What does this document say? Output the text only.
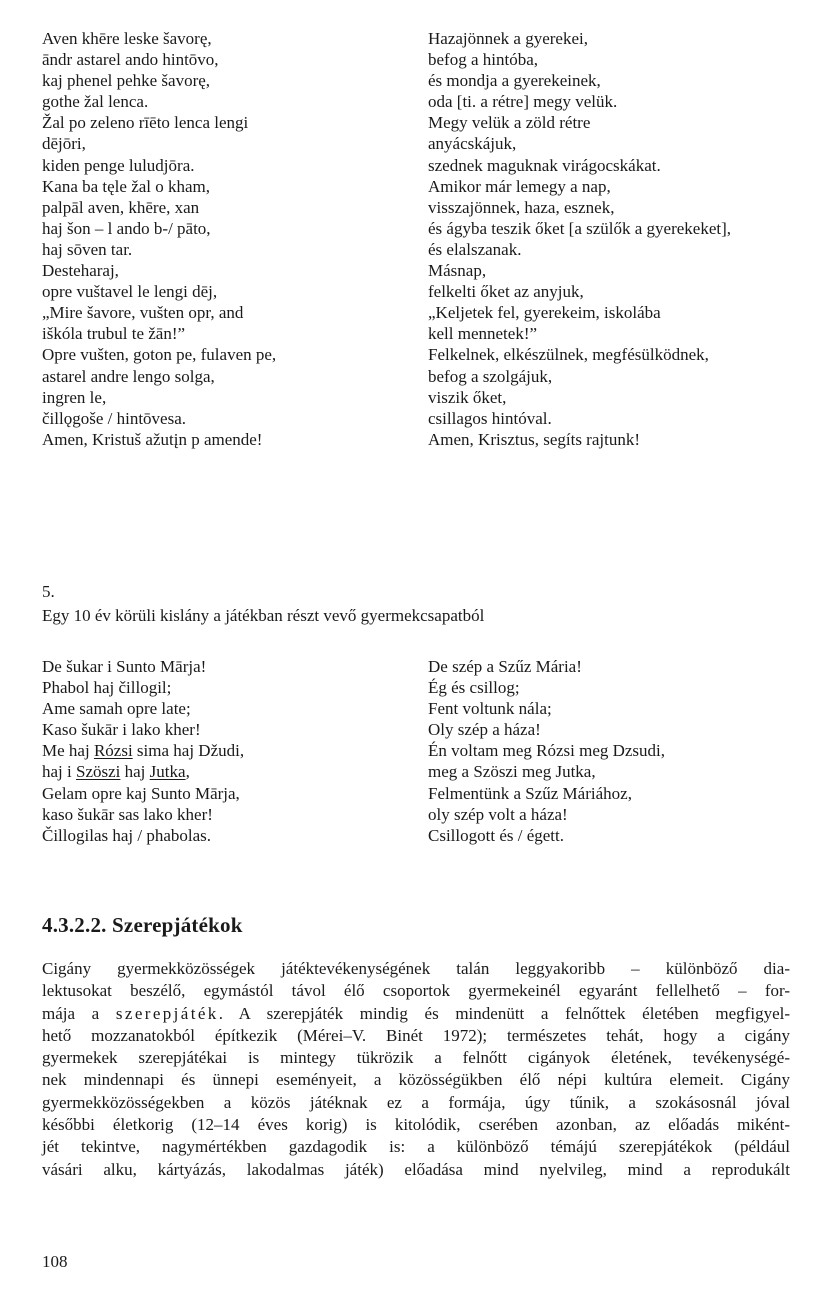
Aven khēre leske šavorę,
āndr astarel ando hintōvo,
kaj phenel pehke šavorę,
gothe žal lenca.
Žal po zeleno rīēto lenca lengi
dējōri,
kiden penge luludjōra.
Kana ba tęle žal o kham,
palpāl aven, khēre, xan
haj šon – l ando b-/ pāto,
haj sōven tar.
Desteharaj,
opre vuštavel le lengi dēj,
„Mire šavore, vušten opr, and
iškóla trubul te žān!”
Opre vušten, goton pe, fulaven pe,
astarel andre lengo solga,
ingren le,
čillǫgoše / hintōvesa.
Amen, Kristuš ažutįn p amende!
Hazajönnek a gyerekei,
befog a hintóba,
és mondja a gyerekeinek,
oda [ti. a rétre] megy velük.
Megy velük a zöld rétre
anyácskájuk,
szednek maguknak virágocskákat.
Amikor már lemegy a nap,
visszajönnek, haza, esznek,
és ágyba teszik őket [a szülők a gyerekeket],
és elalszanak.
Másnap,
felkelti őket az anyjuk,
„Keljetek fel, gyerekeim, iskolába
kell mennetek!”
Felkelnek, elkészülnek, megfésülködnek,
befog a szolgájuk,
viszik őket,
csillagos hintóval.
Amen, Krisztus, segíts rajtunk!
5.
Egy 10 év körüli kislány a játékban részt vevő gyermekcsapatból
De šukar i Sunto Mārja!
Phabol haj čillogil;
Ame samah opre late;
Kaso šukār i lako kher!
Me haj Rózsi sima haj Džudi,
haj i Szöszi haj Jutka,
Gelam opre kaj Sunto Mārja,
kaso šukār sas lako kher!
Čillogilas haj / phabolas.
De szép a Szűz Mária!
Ég és csillog;
Fent voltunk nála;
Oly szép a háza!
Én voltam meg Rózsi meg Dzsudi,
meg a Szöszi meg Jutka,
Felmentünk a Szűz Máriához,
oly szép volt a háza!
Csillogott és / égett.
4.3.2.2. Szerepjátékok
Cigány gyermekközösségek játéktevékenységének talán leggyakoribb – különböző dia-
lektusokat beszélő, egymástól távol élő csoportok gyermekeinél egyaránt fellelhető – for-
mája a szerepjáték. A szerepjáték mindig és mindenütt a felnőttek életében megfigyel-
hető mozzanatokból építkezik (Mérei–V. Binét 1972); természetes tehát, hogy a cigány
gyermekek szerepjátékai is mintegy tükrözik a felnőtt cigányok életének, tevékenységé-
nek mindennapi és ünnepi eseményeit, a közösségükben élő népi kultúra elemeit. Cigány
gyermekközösségekben a közös játéknak ez a formája, úgy tűnik, a szokásosnál jóval
későbbi életkorig (12–14 éves korig) is kitolódik, cserében azonban, az előadás miként-
jét tekintve, nagymértékben gazdagodik is: a különböző témájú szerepjátékok (például
vásári alku, kártyázás, lakodalmas játék) előadása mind nyelvileg, mind a reprodukált
108
